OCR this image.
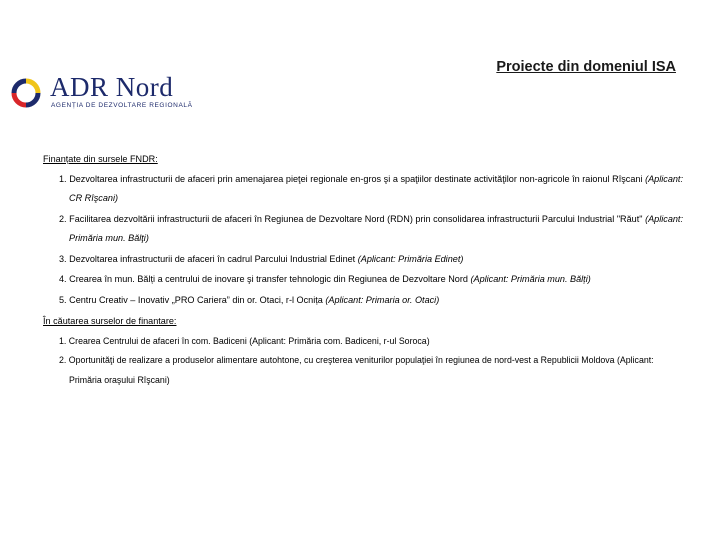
ADR Nord
AGENȚIA DE DEZVOLTARE REGIONALĂ
Proiecte din domeniul ISA

Finanțate din sursele FNDR:

1. Dezvoltarea infrastructurii de afaceri prin amenajarea pieţei regionale en-gros şi a spaţiilor destinate activităţilor non-agricole în raionul Rîşcani (Aplicant: CR Rîşcani)
2. Facilitarea dezvoltării infrastructurii de afaceri în Regiunea de Dezvoltare Nord (RDN) prin consolidarea infrastructurii Parcului Industrial "Răut" (Aplicant: Primăria mun. Bălţi)
3. Dezvoltarea infrastructurii de afaceri în cadrul Parcului Industrial Edinet (Aplicant: Primăria Edinet)
4. Crearea în mun. Bălți a centrului de inovare şi transfer tehnologic din Regiunea de Dezvoltare Nord (Aplicant: Primăria mun. Bălți)
5. Centru Creativ – Inovativ „PRO Cariera” din or. Otaci, r-l Ocnița (Aplicant: Primaria or. Otaci)

În căutarea surselor de finantare:

1. Crearea Centrului de afaceri în com. Badiceni (Aplicant: Primăria com. Badiceni, r-ul Soroca)
2. Oportunităţi de realizare a produselor alimentare autohtone, cu creşterea veniturilor populaţiei în regiunea de nord-vest a Republicii Moldova (Aplicant: Primăria oraşului Rîşcani)
